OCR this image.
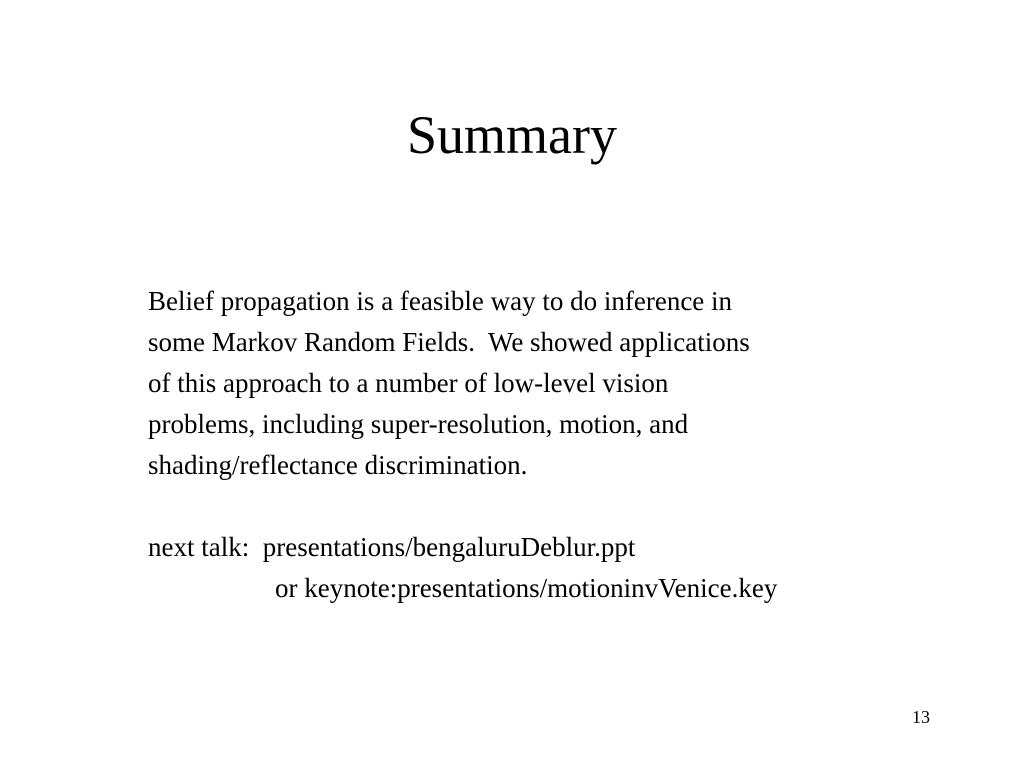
Summary
Belief propagation is a feasible way to do inference in
some Markov Random Fields.  We showed applications
of this approach to a number of low-level vision
problems, including super-resolution, motion, and
shading/reflectance discrimination.
next talk:  presentations/bengaluruDeblur.ppt
or keynote:presentations/motioninvVenice.key
13
